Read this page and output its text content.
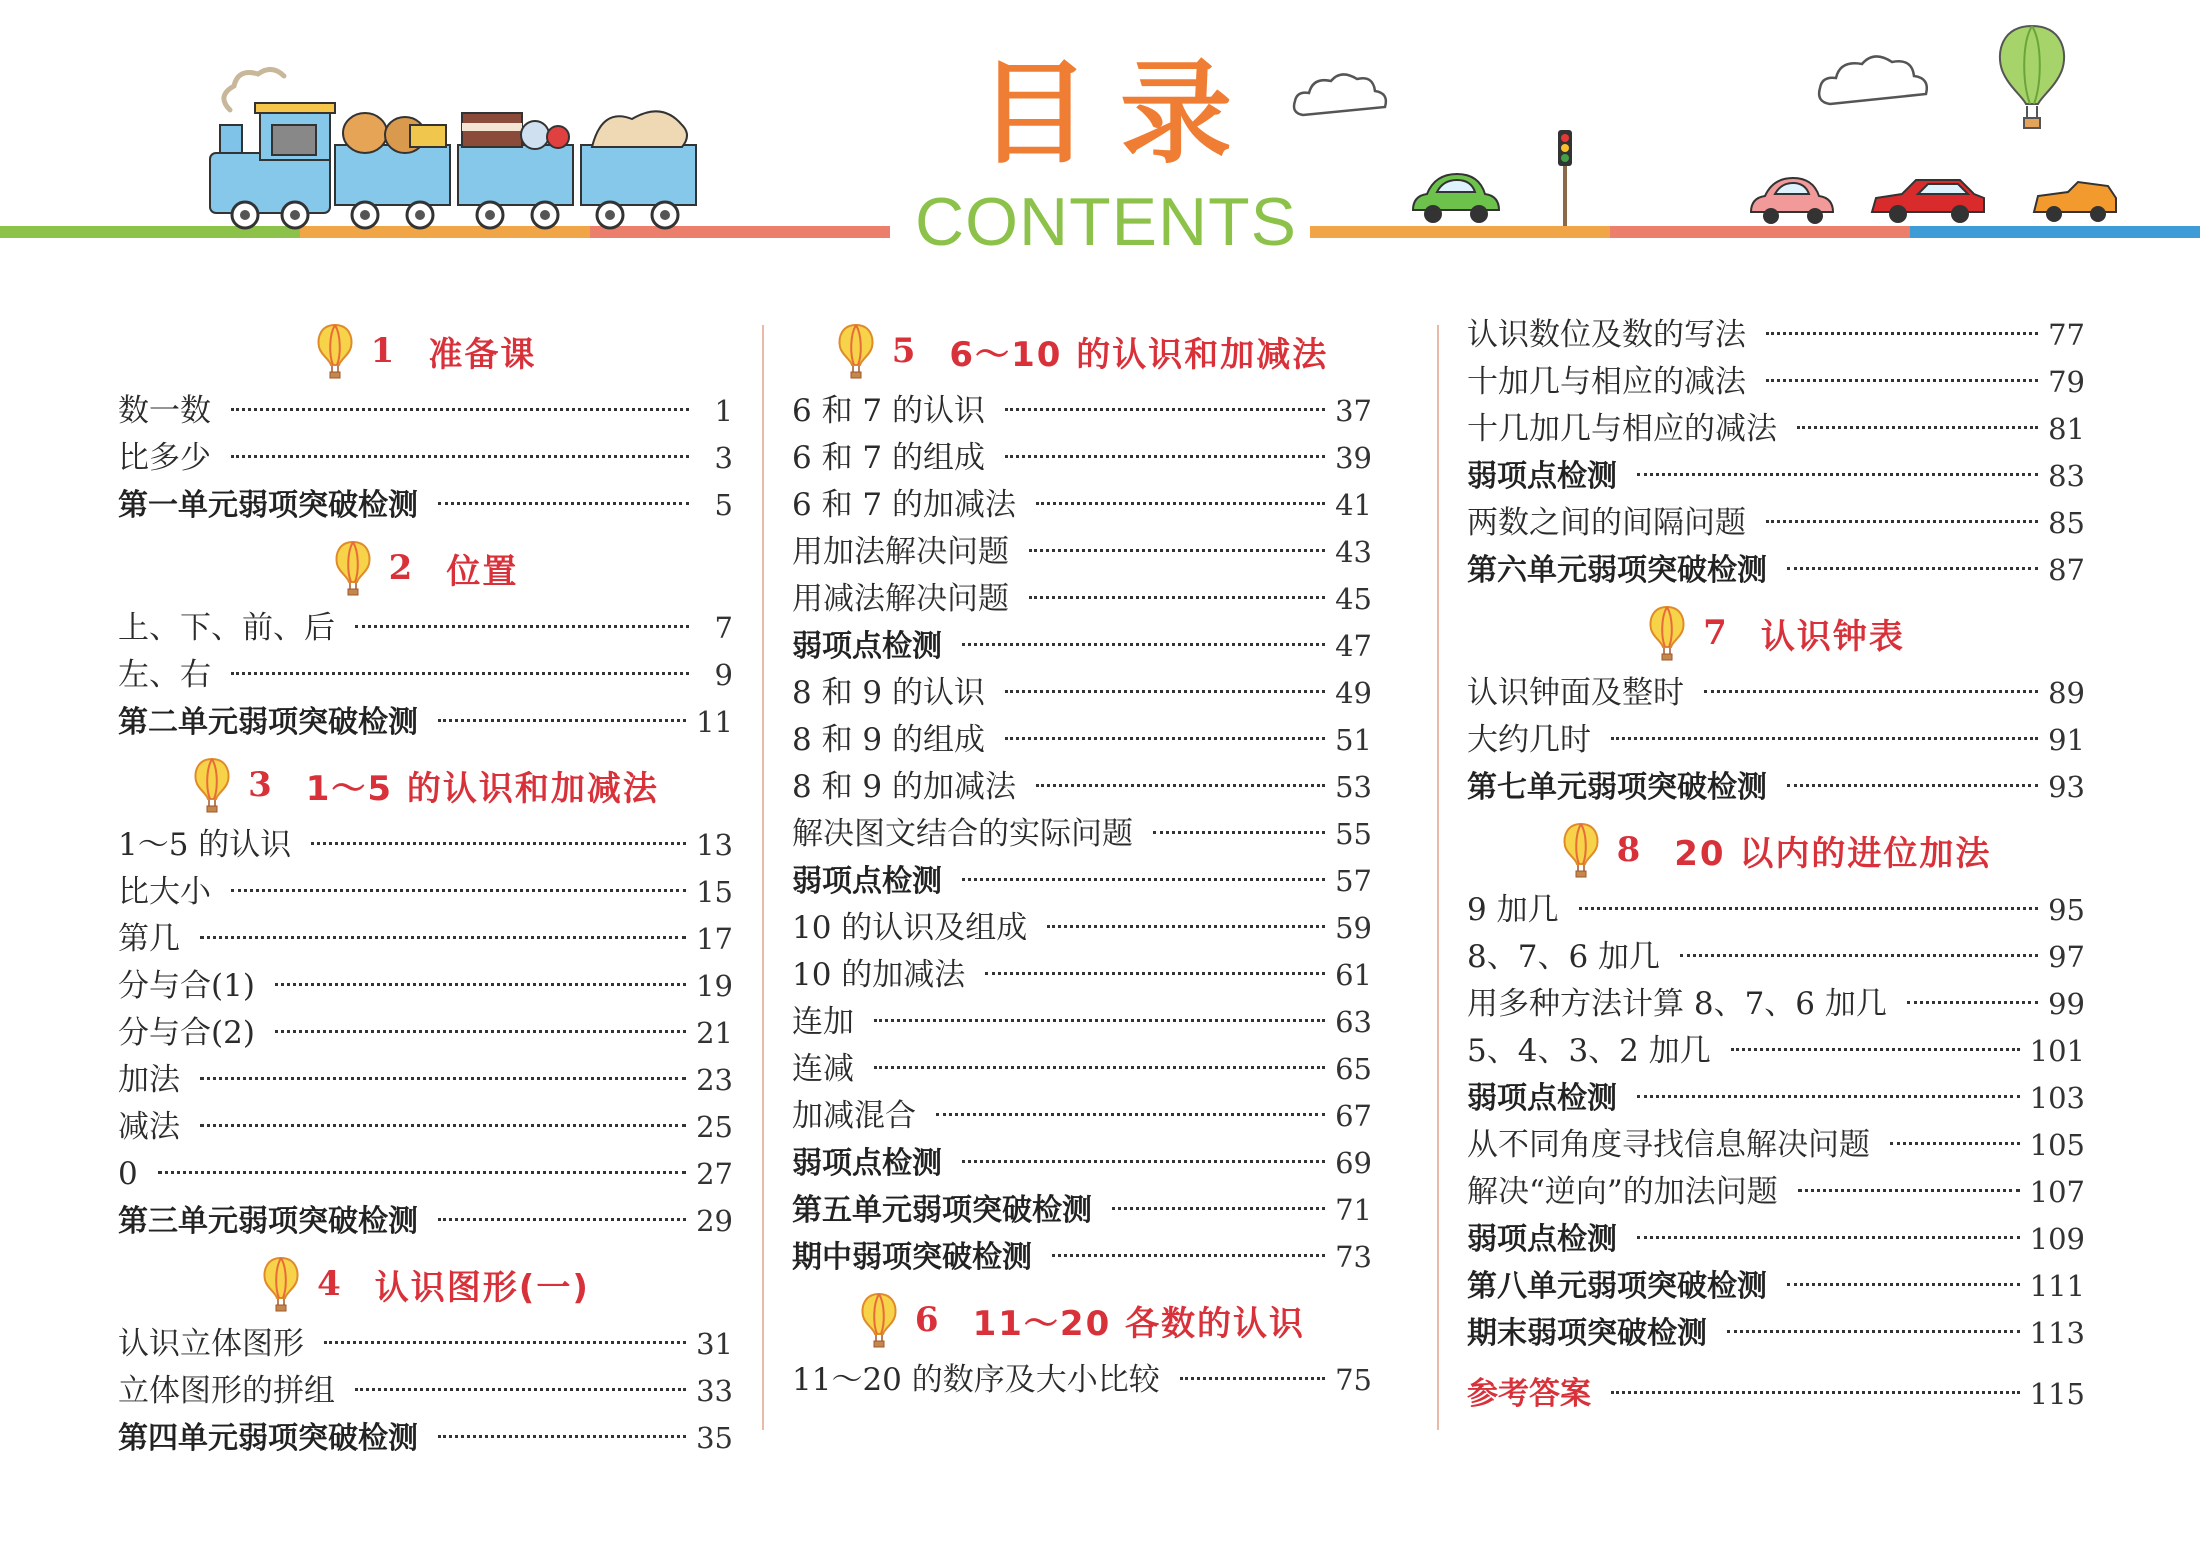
目录
CONTENTS
1 准备课
数一数	1
比多少	3
第一单元弱项突破检测	5
2 位置
上、下、前、后	7
左、右	9
第二单元弱项突破检测	11
3 1～5 的认识和加减法
1～5 的认识	13
比大小	15
第几	17
分与合(1)	19
分与合(2)	21
加法	23
减法	25
0	27
第三单元弱项突破检测	29
4 认识图形(一)
认识立体图形	31
立体图形的拼组	33
第四单元弱项突破检测	35
5 6～10 的认识和加减法
6 和 7 的认识	37
6 和 7 的组成	39
6 和 7 的加减法	41
用加法解决问题	43
用减法解决问题	45
弱项点检测	47
8 和 9 的认识	49
8 和 9 的组成	51
8 和 9 的加减法	53
解决图文结合的实际问题	55
弱项点检测	57
10 的认识及组成	59
10 的加减法	61
连加	63
连减	65
加减混合	67
弱项点检测	69
第五单元弱项突破检测	71
期中弱项突破检测	73
6 11～20 各数的认识
11～20 的数序及大小比较	75
认识数位及数的写法	77
十加几与相应的减法	79
十几加几与相应的减法	81
弱项点检测	83
两数之间的间隔问题	85
第六单元弱项突破检测	87
7 认识钟表
认识钟面及整时	89
大约几时	91
第七单元弱项突破检测	93
8 20 以内的进位加法
9 加几	95
8、7、6 加几	97
用多种方法计算 8、7、6 加几	99
5、4、3、2 加几	101
弱项点检测	103
从不同角度寻找信息解决问题	105
解决“逆向”的加法问题	107
弱项点检测	109
第八单元弱项突破检测	111
期末弱项突破检测	113
参考答案	115
